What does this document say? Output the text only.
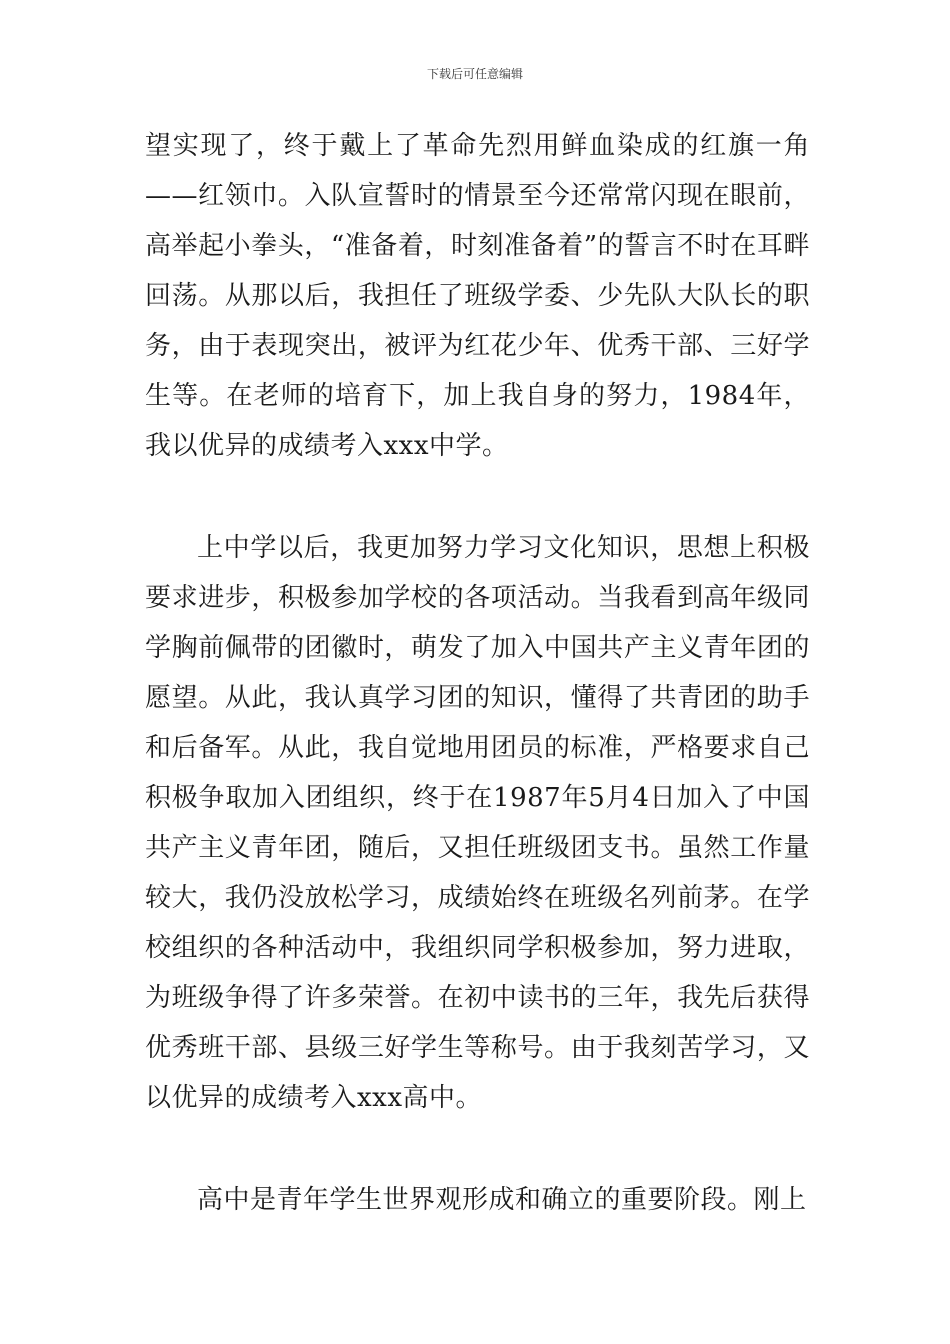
下载后可任意编辑

望实现了，终于戴上了革命先烈用鲜血染成的红旗一角——红领巾。入队宣誓时的情景至今还常常闪现在眼前，高举起小拳头，“准备着，时刻准备着”的誓言不时在耳畔回荡。从那以后，我担任了班级学委、少先队大队长的职务，由于表现突出，被评为红花少年、优秀干部、三好学生等。在老师的培育下，加上我自身的努力，1984年，我以优异的成绩考入xxx中学。

上中学以后，我更加努力学习文化知识，思想上积极要求进步，积极参加学校的各项活动。当我看到高年级同学胸前佩带的团徽时，萌发了加入中国共产主义青年团的愿望。从此，我认真学习团的知识，懂得了共青团的助手和后备军。从此，我自觉地用团员的标准，严格要求自己积极争取加入团组织，终于在1987年5月4日加入了中国共产主义青年团，随后，又担任班级团支书。虽然工作量较大，我仍没放松学习，成绩始终在班级名列前茅。在学校组织的各种活动中，我组织同学积极参加，努力进取，为班级争得了许多荣誉。在初中读书的三年，我先后获得优秀班干部、县级三好学生等称号。由于我刻苦学习，又以优异的成绩考入xxx高中。

高中是青年学生世界观形成和确立的重要阶段。刚上
